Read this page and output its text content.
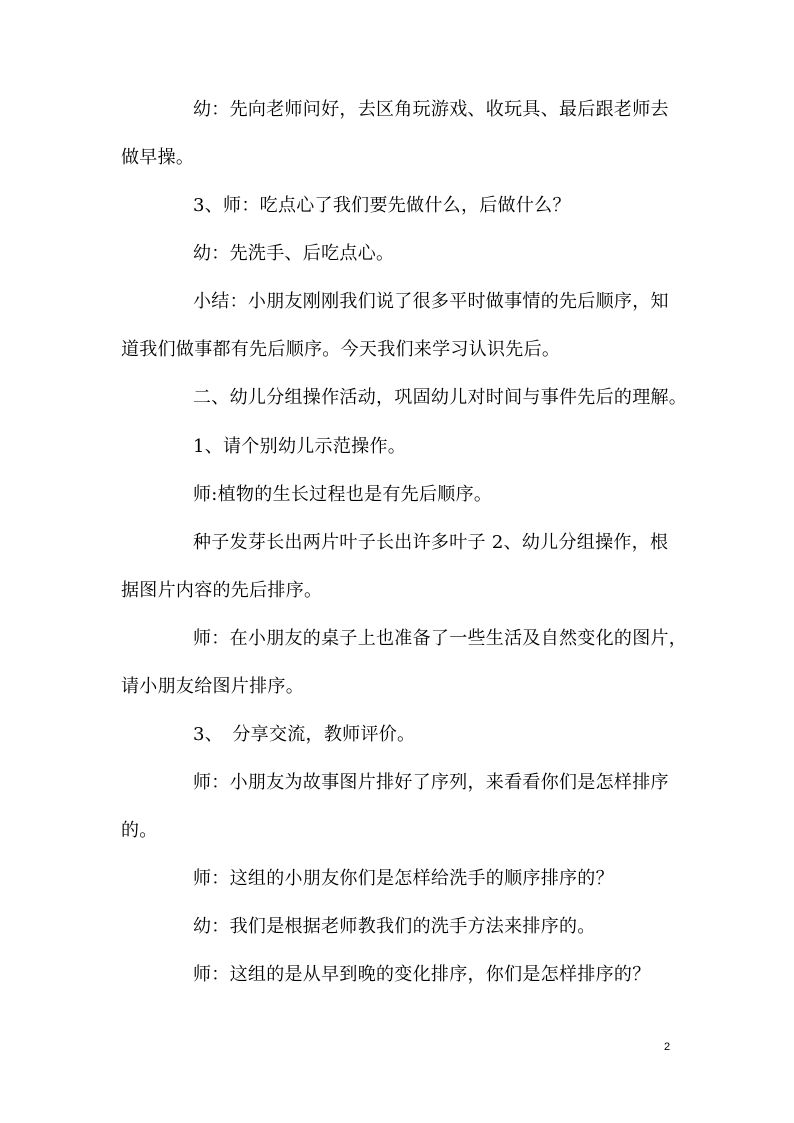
幼：先向老师问好，去区角玩游戏、收玩具、最后跟老师去
做早操。
3、师：吃点心了我们要先做什么，后做什么？
幼：先洗手、后吃点心。
小结：小朋友刚刚我们说了很多平时做事情的先后顺序，知
道我们做事都有先后顺序。今天我们来学习认识先后。
二、幼儿分组操作活动，巩固幼儿对时间与事件先后的理解。
1、请个别幼儿示范操作。
师:植物的生长过程也是有先后顺序。
种子发芽长出两片叶子长出许多叶子 2、幼儿分组操作，根
据图片内容的先后排序。
师：在小朋友的桌子上也准备了一些生活及自然变化的图片，
请小朋友给图片排序。
3、　分享交流，教师评价。
师：小朋友为故事图片排好了序列，来看看你们是怎样排序
的。
师：这组的小朋友你们是怎样给洗手的顺序排序的？
幼：我们是根据老师教我们的洗手方法来排序的。
师：这组的是从早到晚的变化排序，你们是怎样排序的？
2
